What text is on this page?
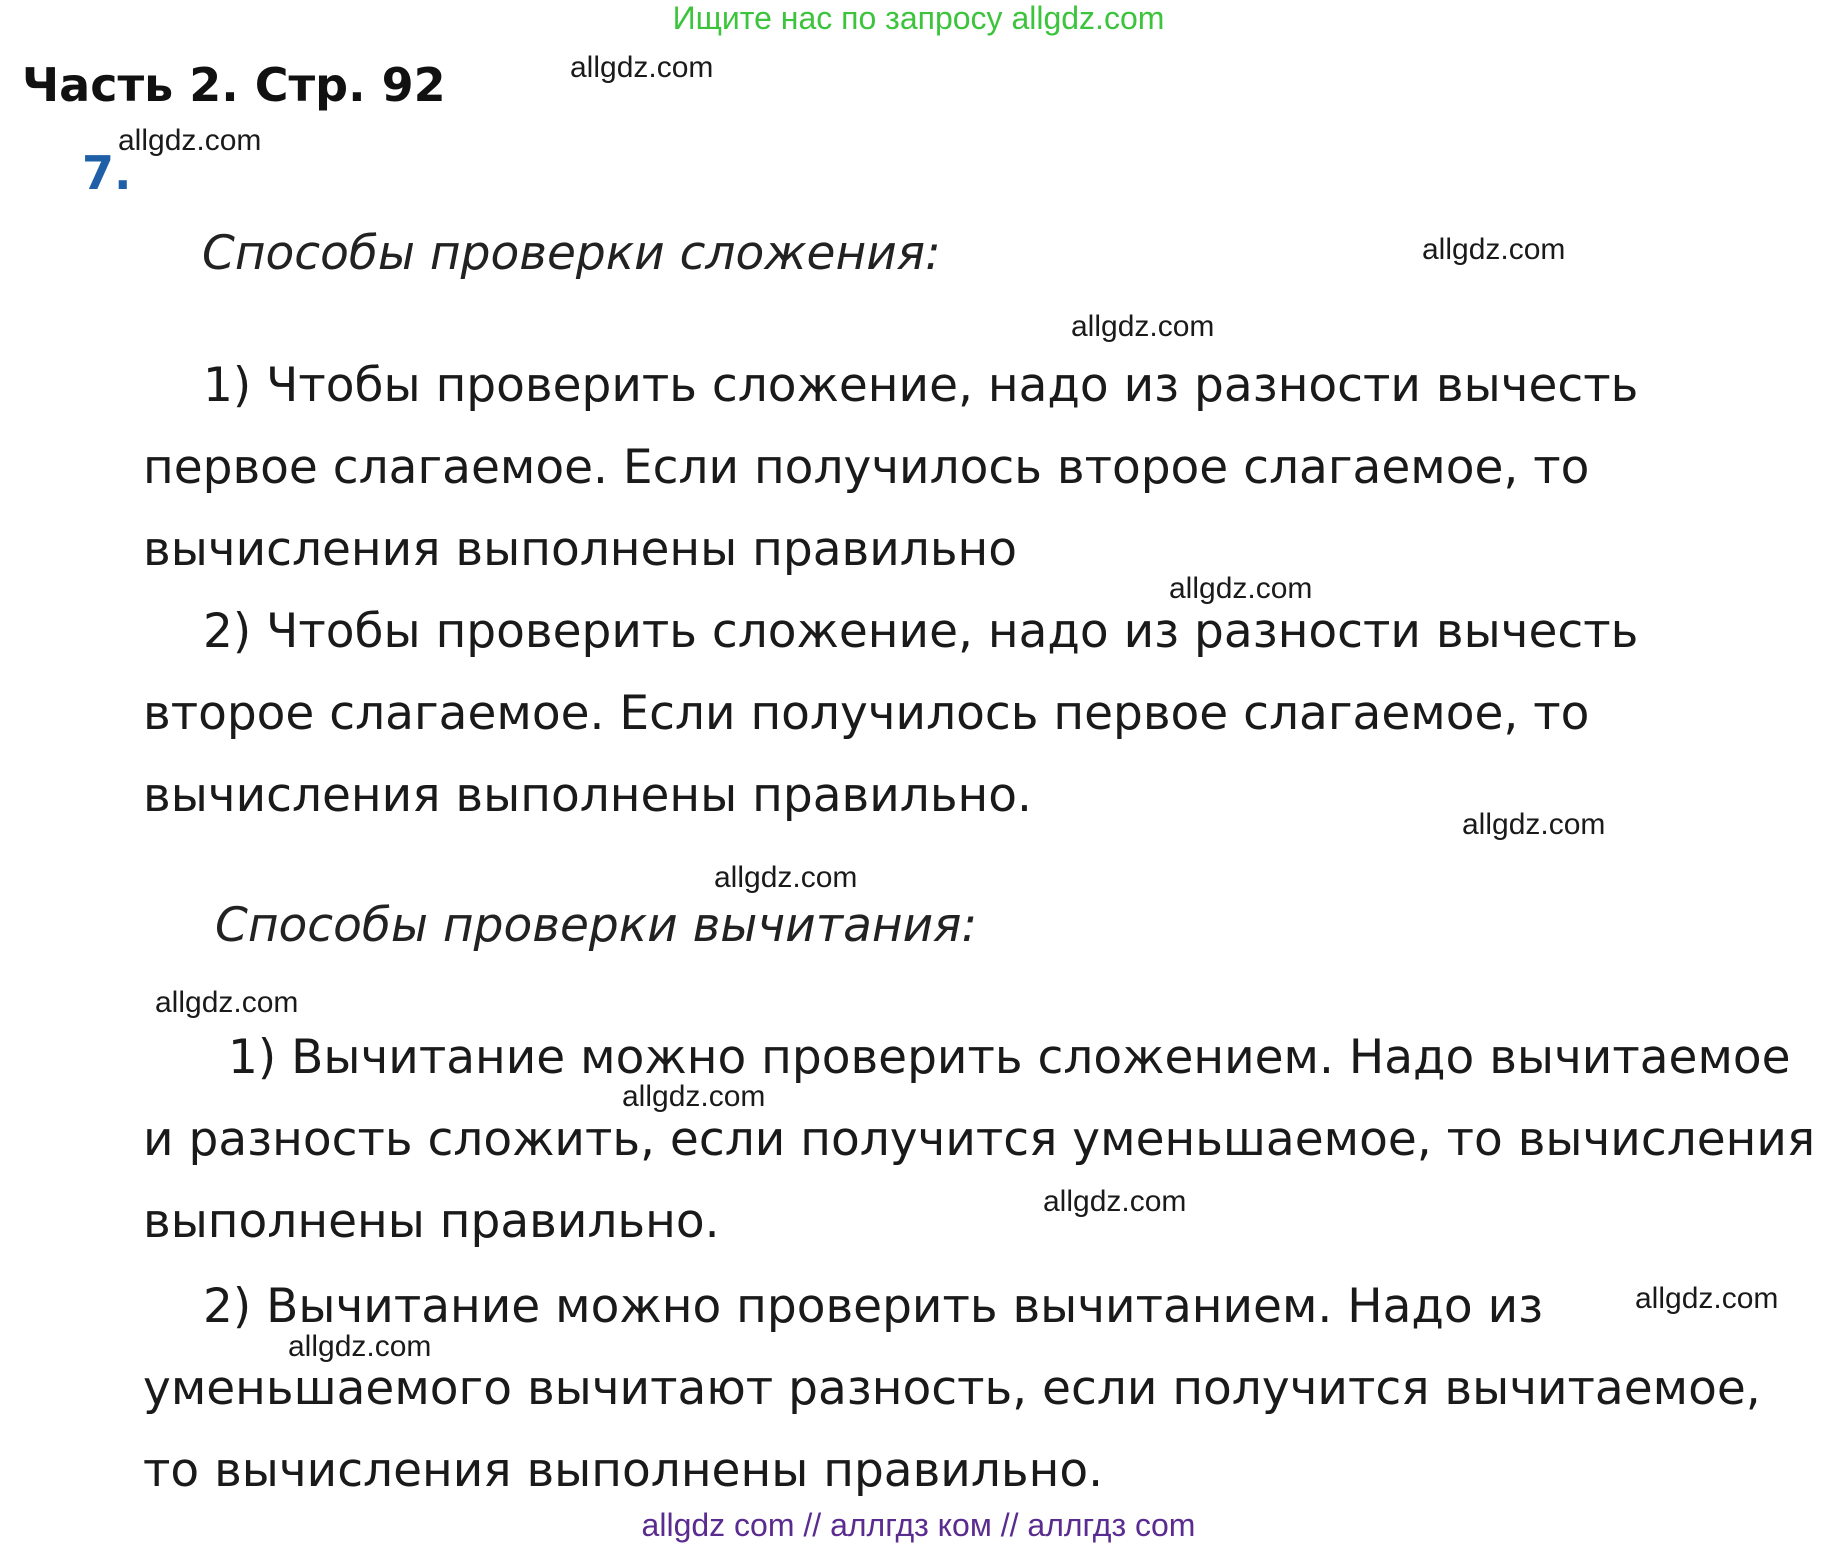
Ищите нас по запросу allgdz.com
Часть 2. Стр. 92
7.
allgdz.com
allgdz.com
allgdz.com
allgdz.com
allgdz.com
allgdz.com
allgdz.com
allgdz.com
allgdz.com
allgdz.com
allgdz.com
allgdz.com
Способы проверки сложения:
1) Чтобы проверить сложение, надо из разности вычесть
первое слагаемое. Если получилось второе слагаемое, то
вычисления выполнены правильно
2) Чтобы проверить сложение, надо из разности вычесть
второе слагаемое. Если получилось первое слагаемое, то
вычисления выполнены правильно.
Способы проверки вычитания:
1) Вычитание можно проверить сложением. Надо вычитаемое
и разность сложить, если получится уменьшаемое, то вычисления
выполнены правильно.
2) Вычитание можно проверить вычитанием. Надо из
уменьшаемого вычитают разность, если получится вычитаемое,
то вычисления выполнены правильно.
allgdz com // аллгдз ком // аллгдз com
